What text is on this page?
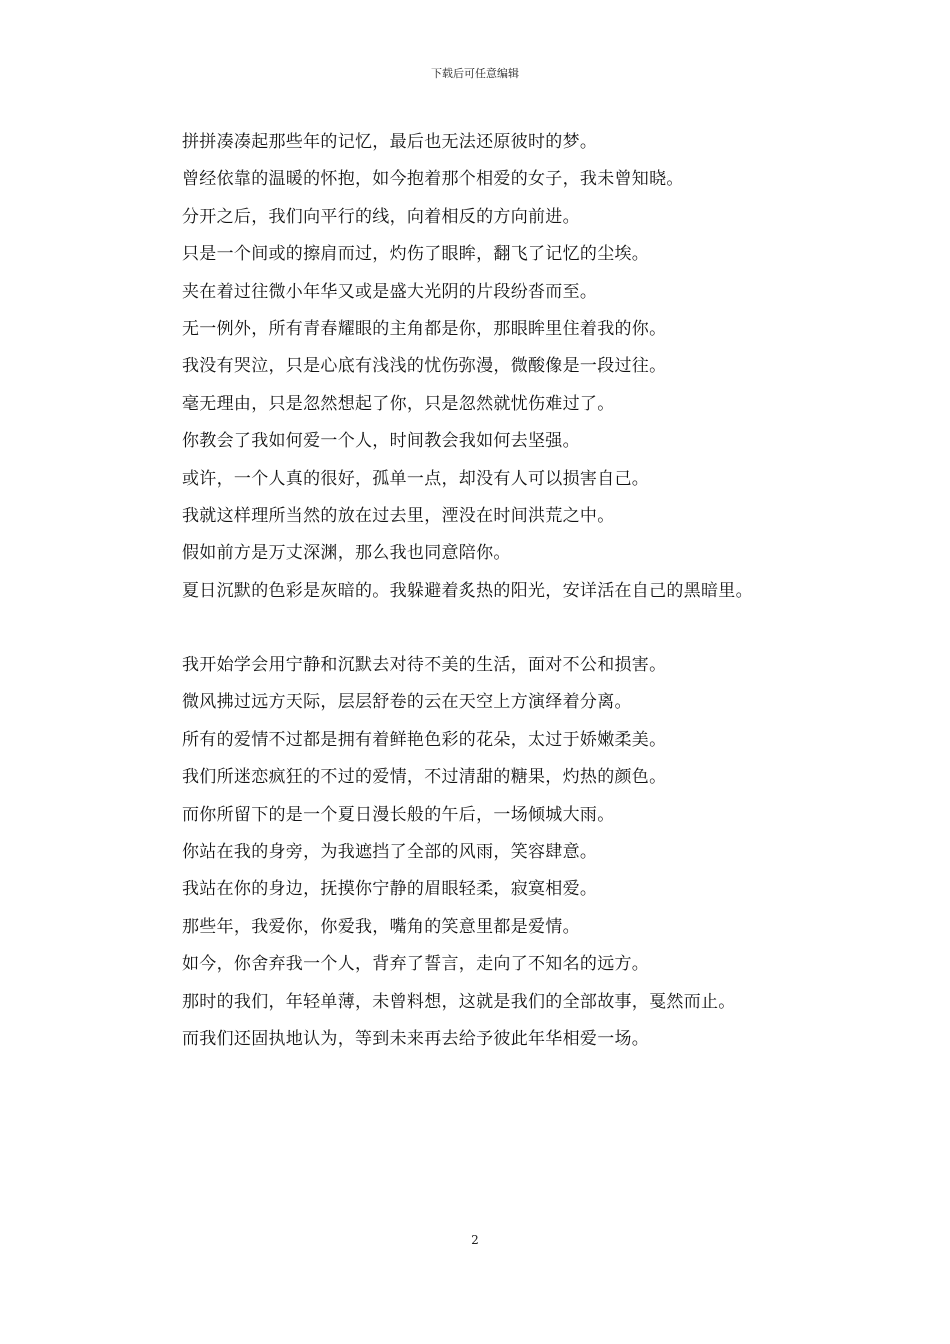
下载后可任意编辑
拼拼凑凑起那些年的记忆，最后也无法还原彼时的梦。
曾经依靠的温暖的怀抱，如今抱着那个相爱的女子，我未曾知晓。
分开之后，我们向平行的线，向着相反的方向前进。
只是一个间或的擦肩而过，灼伤了眼眸，翻飞了记忆的尘埃。
夹在着过往微小年华又或是盛大光阴的片段纷沓而至。
无一例外，所有青春耀眼的主角都是你，那眼眸里住着我的你。
我没有哭泣，只是心底有浅浅的忧伤弥漫，微酸像是一段过往。
毫无理由，只是忽然想起了你，只是忽然就忧伤难过了。
你教会了我如何爱一个人，时间教会我如何去坚强。
或许，一个人真的很好，孤单一点，却没有人可以损害自己。
我就这样理所当然的放在过去里，湮没在时间洪荒之中。
假如前方是万丈深渊，那么我也同意陪你。
夏日沉默的色彩是灰暗的。我躲避着炙热的阳光，安详活在自己的黑暗里。
我开始学会用宁静和沉默去对待不美的生活，面对不公和损害。
微风拂过远方天际，层层舒卷的云在天空上方演绎着分离。
所有的爱情不过都是拥有着鲜艳色彩的花朵，太过于娇嫩柔美。
我们所迷恋疯狂的不过的爱情，不过清甜的糖果，灼热的颜色。
而你所留下的是一个夏日漫长般的午后，一场倾城大雨。
你站在我的身旁，为我遮挡了全部的风雨，笑容肆意。
我站在你的身边，抚摸你宁静的眉眼轻柔，寂寞相爱。
那些年，我爱你，你爱我，嘴角的笑意里都是爱情。
如今，你舍弃我一个人，背弃了誓言，走向了不知名的远方。
那时的我们，年轻单薄，未曾料想，这就是我们的全部故事，戛然而止。
而我们还固执地认为，等到未来再去给予彼此年华相爱一场。
2
